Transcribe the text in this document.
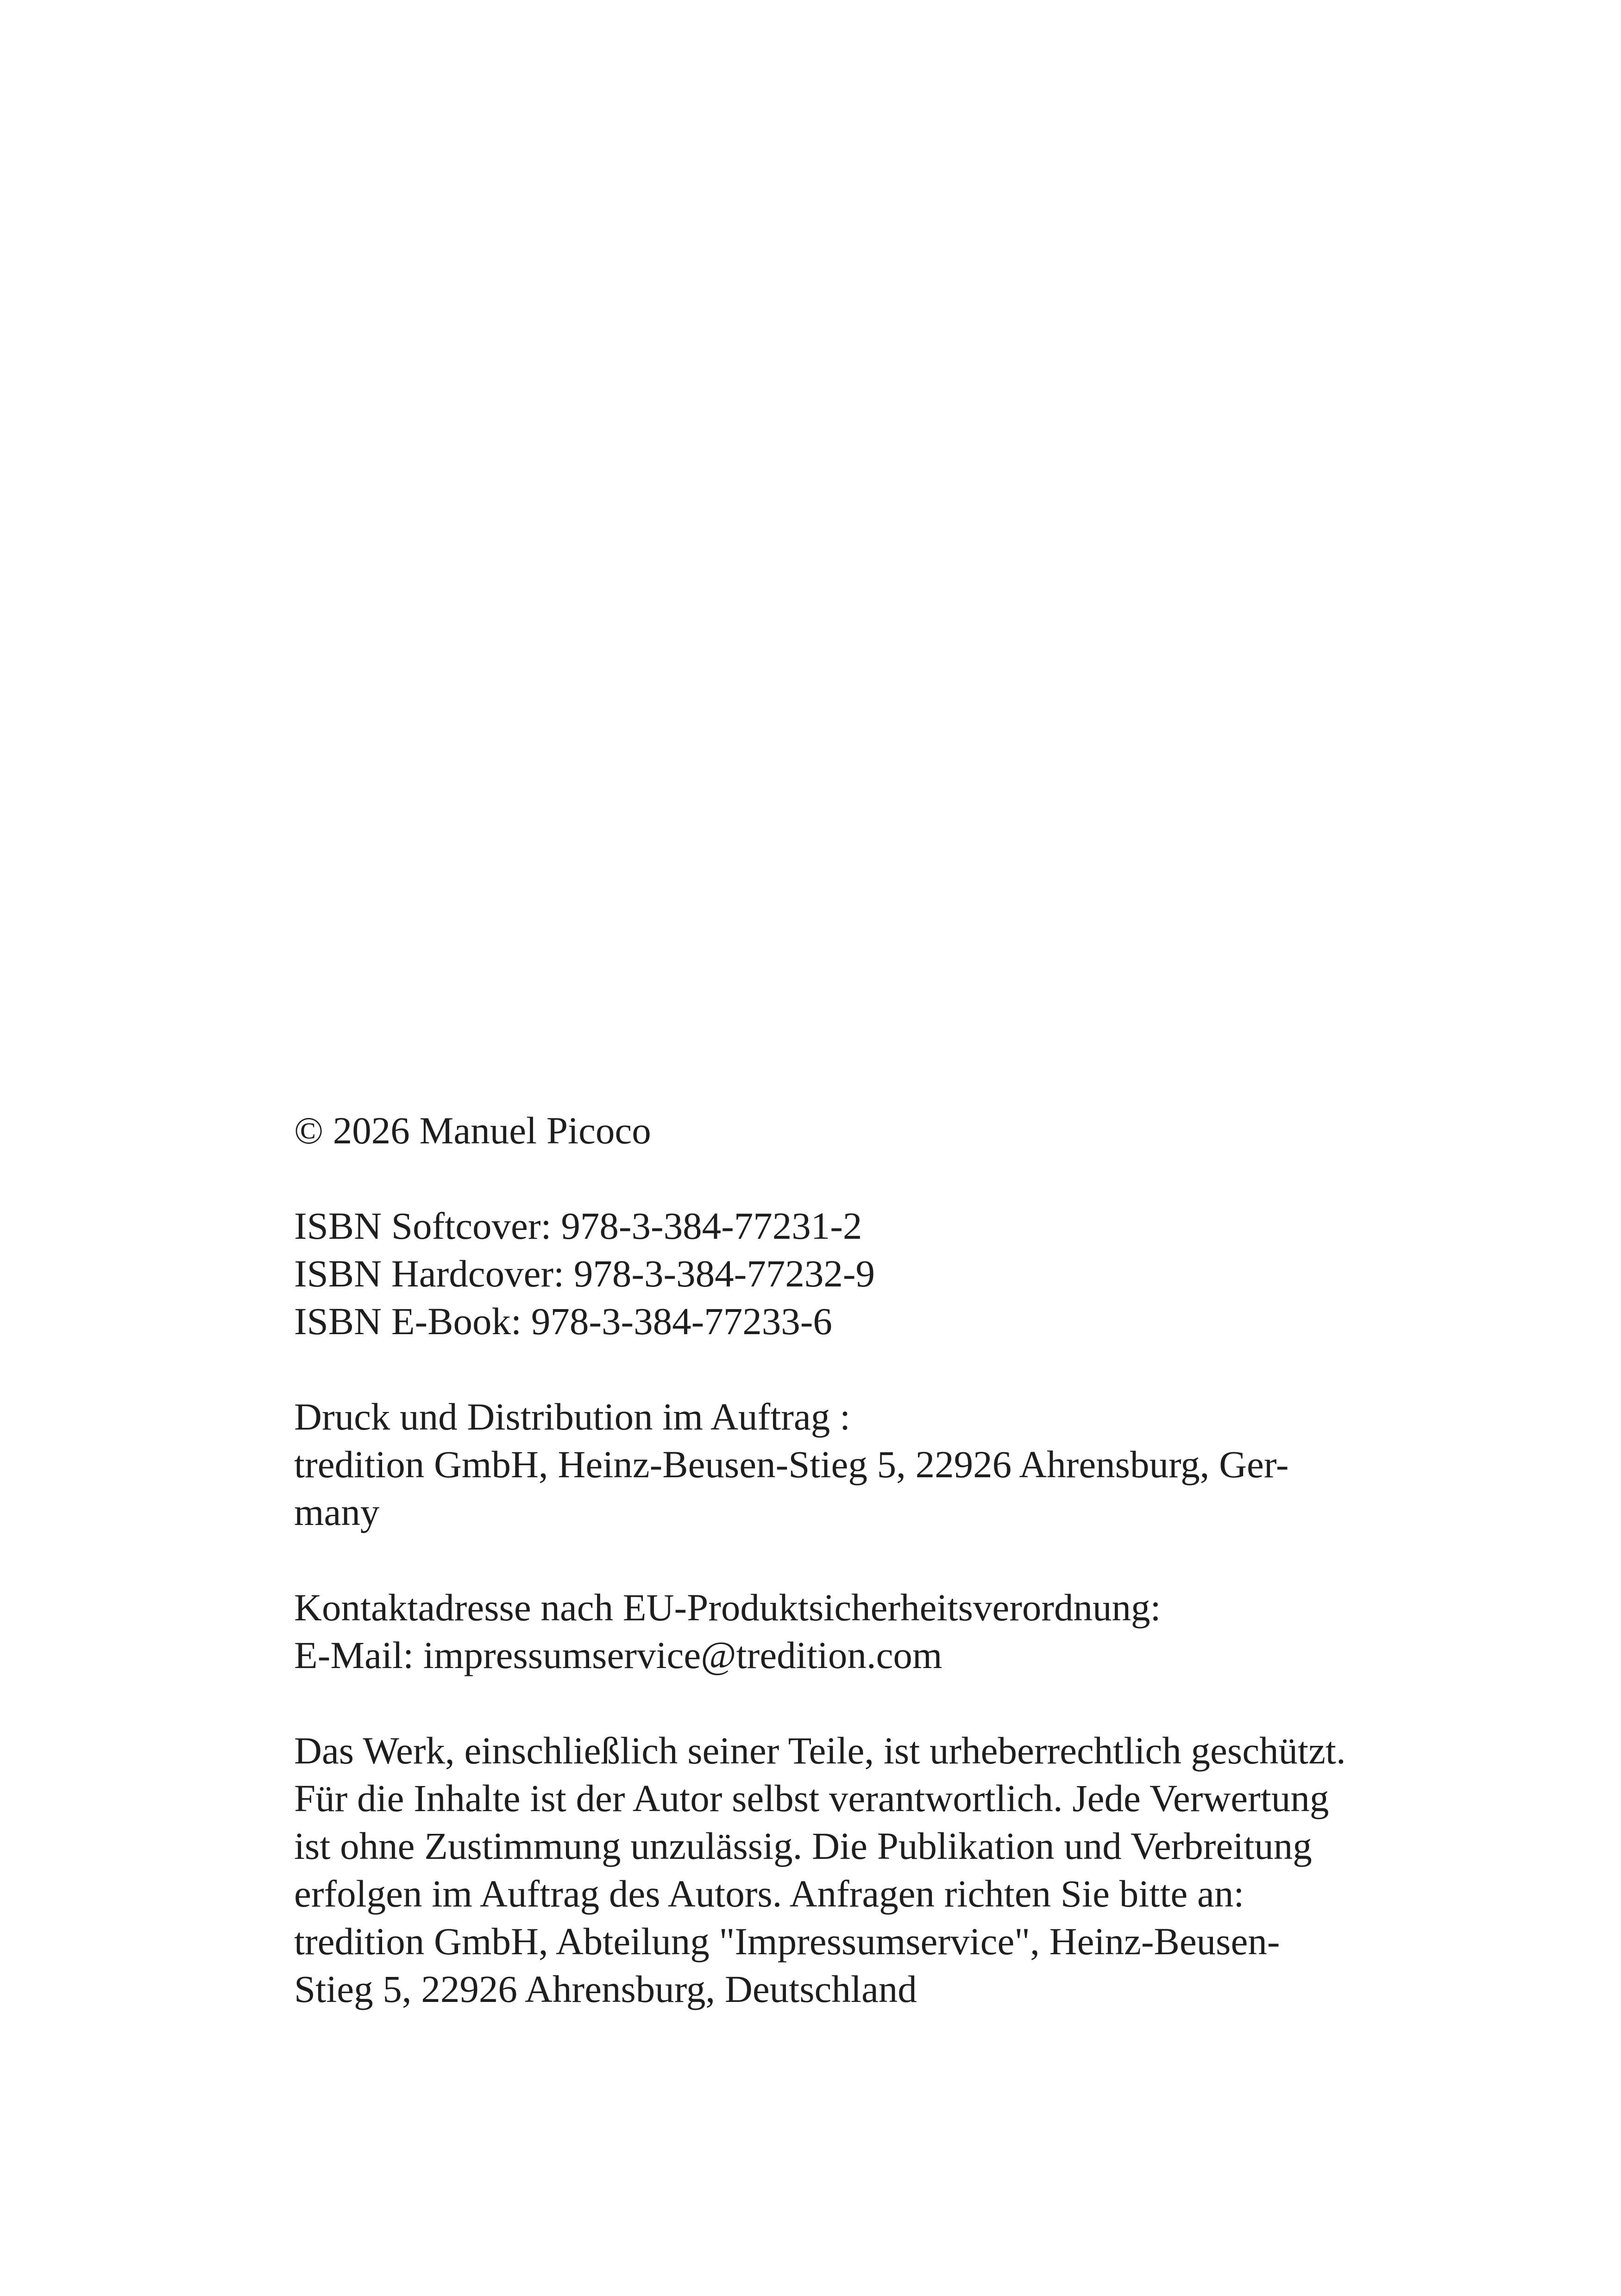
© 2026 Manuel Picoco
ISBN Softcover: 978-3-384-77231-2
ISBN Hardcover: 978-3-384-77232-9
ISBN E-Book: 978-3-384-77233-6
Druck und Distribution im Auftrag :
tredition GmbH, Heinz-Beusen-Stieg 5, 22926 Ahrensburg, Ger-
many
Kontaktadresse nach EU-Produktsicherheitsverordnung:
E-Mail: impressumservice@tredition.com
Das Werk, einschließlich seiner Teile, ist urheberrechtlich geschützt.
Für die Inhalte ist der Autor selbst verantwortlich. Jede Verwertung
ist ohne Zustimmung unzulässig. Die Publikation und Verbreitung
erfolgen im Auftrag des Autors. Anfragen richten Sie bitte an:
tredition GmbH, Abteilung "Impressumservice", Heinz-Beusen-
Stieg 5, 22926 Ahrensburg, Deutschland
